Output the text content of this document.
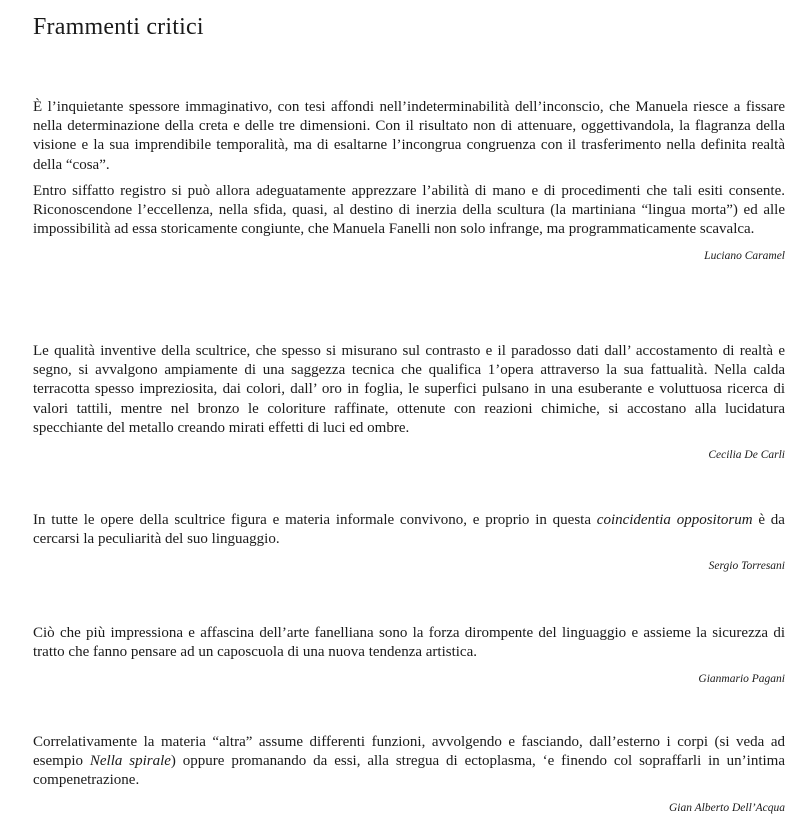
Frammenti critici

È l’inquietante spessore immaginativo, con tesi affondi nell’indeterminabilità dell’inconscio, che Manuela riesce a fissare nella determinazione della creta e delle tre dimensioni. Con il risultato non di attenuare, oggettivandola, la flagranza della visione e la sua imprendibile temporalità, ma di esaltarne l’incongrua congruenza con il trasferimento nella definita realtà della “cosa”.

Entro siffatto registro si può allora adeguatamente apprezzare l’abilità di mano e di procedimenti che tali esiti consente. Riconoscendone l’eccellenza, nella sfida, quasi, al destino di inerzia della scultura (la martiniana “lingua morta”) ed alle impossibilità ad essa storicamente congiunte, che Manuela Fanelli non solo infrange, ma programmaticamente scavalca.

Luciano Caramel

Le qualità inventive della scultrice, che spesso si misurano sul contrasto e il paradosso dati dall’ accostamento di realtà e segno, si avvalgono ampiamente di una saggezza tecnica che qualifica 1’opera attraverso la sua fattualità. Nella calda terracotta spesso impreziosita, dai colori, dall’ oro in foglia, le superfici pulsano in una esuberante e voluttuosa ricerca di valori tattili, mentre nel bronzo le coloriture raffinate, ottenute con reazioni chimiche, si accostano alla lucidatura specchiante del metallo creando mirati effetti di luci ed ombre.

Cecilia De Carli

In tutte le opere della scultrice figura e materia informale convivono, e proprio in questa coincidentia oppositorum è da cercarsi la peculiarità del suo linguaggio.

Sergio Torresani

Ciò che più impressiona e affascina dell’arte fanelliana sono la forza dirompente del linguaggio e assieme la sicurezza di tratto che fanno pensare ad un caposcuola di una nuova tendenza artistica.

Gianmario Pagani

Correlativamente la materia “altra” assume differenti funzioni, avvolgendo e fasciando, dall’esterno i corpi (si veda ad esempio Nella spirale) oppure promanando da essi, alla stregua di ectoplasma, ‘e finendo col sopraffarli in un’intima compenetrazione.

Gian Alberto Dell’Acqua
